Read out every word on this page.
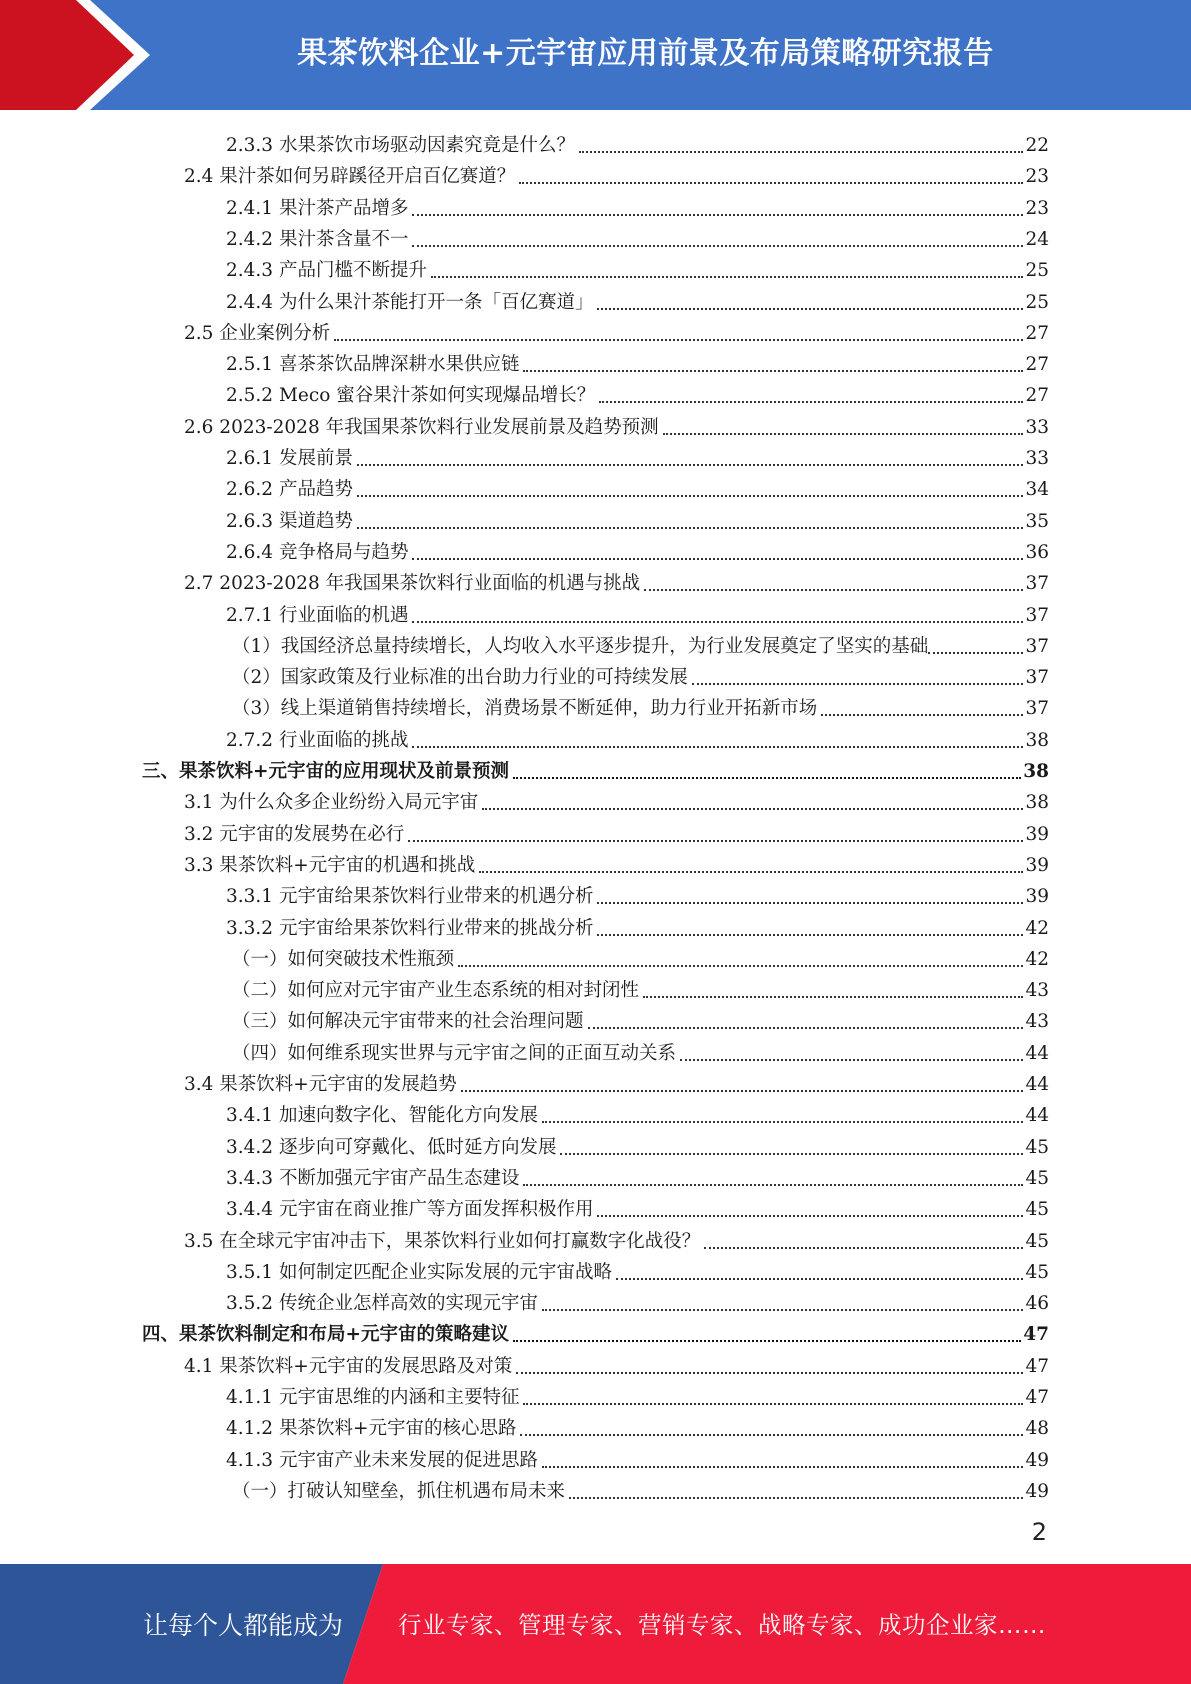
果茶饮料企业+元宇宙应用前景及布局策略研究报告
2.3.3 水果茶饮市场驱动因素究竟是什么？	22
2.4 果汁茶如何另辟蹊径开启百亿赛道？	23
2.4.1 果汁茶产品增多	23
2.4.2 果汁茶含量不一	24
2.4.3 产品门槛不断提升	25
2.4.4 为什么果汁茶能打开一条「百亿赛道」	25
2.5 企业案例分析	27
2.5.1 喜茶茶饮品牌深耕水果供应链	27
2.5.2 Meco 蜜谷果汁茶如何实现爆品增长？	27
2.6 2023-2028 年我国果茶饮料行业发展前景及趋势预测	33
2.6.1 发展前景	33
2.6.2 产品趋势	34
2.6.3 渠道趋势	35
2.6.4 竞争格局与趋势	36
2.7 2023-2028 年我国果茶饮料行业面临的机遇与挑战	37
2.7.1 行业面临的机遇	37
（1）我国经济总量持续增长，人均收入水平逐步提升，为行业发展奠定了坚实的基础	37
（2）国家政策及行业标准的出台助力行业的可持续发展	37
（3）线上渠道销售持续增长，消费场景不断延伸，助力行业开拓新市场	37
2.7.2 行业面临的挑战	38
三、果茶饮料+元宇宙的应用现状及前景预测	38
3.1 为什么众多企业纷纷入局元宇宙	38
3.2 元宇宙的发展势在必行	39
3.3 果茶饮料+元宇宙的机遇和挑战	39
3.3.1 元宇宙给果茶饮料行业带来的机遇分析	39
3.3.2 元宇宙给果茶饮料行业带来的挑战分析	42
（一）如何突破技术性瓶颈	42
（二）如何应对元宇宙产业生态系统的相对封闭性	43
（三）如何解决元宇宙带来的社会治理问题	43
（四）如何维系现实世界与元宇宙之间的正面互动关系	44
3.4 果茶饮料+元宇宙的发展趋势	44
3.4.1 加速向数字化、智能化方向发展	44
3.4.2 逐步向可穿戴化、低时延方向发展	45
3.4.3 不断加强元宇宙产品生态建设	45
3.4.4 元宇宙在商业推广等方面发挥积极作用	45
3.5 在全球元宇宙冲击下，果茶饮料行业如何打赢数字化战役？	45
3.5.1 如何制定匹配企业实际发展的元宇宙战略	45
3.5.2 传统企业怎样高效的实现元宇宙	46
四、果茶饮料制定和布局+元宇宙的策略建议	47
4.1 果茶饮料+元宇宙的发展思路及对策	47
4.1.1 元宇宙思维的内涵和主要特征	47
4.1.2 果茶饮料+元宇宙的核心思路	48
4.1.3 元宇宙产业未来发展的促进思路	49
（一）打破认知壁垒，抓住机遇布局未来	49
2
让每个人都能成为 行业专家、管理专家、营销专家、战略专家、成功企业家……
